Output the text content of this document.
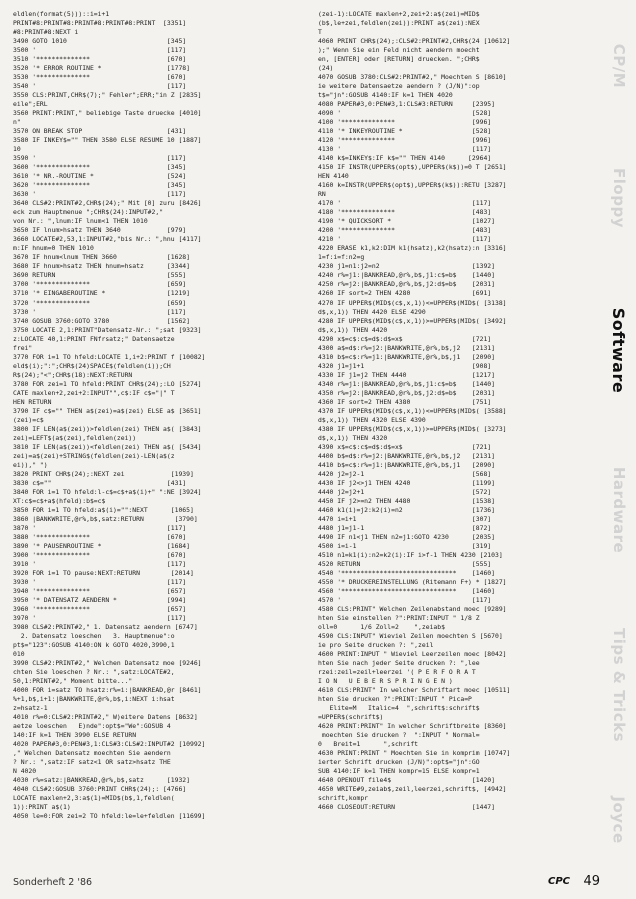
eldlen(format(5)))::i=i+1
PRINT#8:PRINT#8:PRINT#8:PRINT#8:PRINT  [3351]
#8:PRINT#8:NEXT i
3490 GOTO 1010                          [345]
3500 '                                  [117]
3510 '**************                    [670]
3520 '* ERROR ROUTINE *                 [1778]
3530 '**************                    [670]
3540 '                                  [117]
3550 CLS:PRINT,CHR$(7);" Fehler";ERR;"in Z [2835]
eile";ERL
3560 PRINT:PRINT," beliebige Taste druecke [4010]
n"
3570 ON BREAK STOP                      [431]
3580 IF INKEY$="" THEN 3580 ELSE RESUME 10 [1887]
10
3590 '                                  [117]
3600 '**************                    [345]
3610 '* NR.-ROUTINE *                   [524]
3620 '**************                    [345]
3630 '                                  [117]
3640 CLS#2:PRINT#2,CHR$(24);" Mit [0] zuru [8426]
eck zum Hauptmenue ";CHR$(24):INPUT#2,"
von Nr.: ",lnum:IF lnum<1 THEN 1010
3650 IF lnum>hsatz THEN 3640            [979]
3660 LOCATE#2,53,1:INPUT#2,"bis Nr.: ",hnu [4117]
m:IF hnum=0 THEN 1010
3670 IF hnum<lnum THEN 3660             [1628]
3680 IF hnum>hsatz THEN hnum=hsatz      [3344]
3690 RETURN                             [555]
3700 '**************                    [659]
3710 '* EINGABEROUTINE *                [1219]
3720 '**************                    [659]
3730 '                                  [117]
3740 GOSUB 3760:GOTO 3780               [1562]
3750 LOCATE 2,1:PRINT"Datensatz-Nr.: ";sat [9323]
z:LOCATE 40,1:PRINT FNfrsatz;" Datensaetze
frei"
3770 FOR i=1 TO hfeld:LOCATE 1,i+2:PRINT f [10082]
eld$(i);":";CHR$(24)SPACE$(feldlen(i));CH
R$(24);"<";CHR$(18):NEXT:RETURN
3780 FOR zei=1 TO hfeld:PRINT CHR$(24);:LO [5274]
CATE maxlen+2,zei+2:INPUT"",c$:IF c$="|" T
HEN RETURN
3790 IF c$="" THEN a$(zei)=a$(zei) ELSE a$ [3651]
(zei)=c$
3800 IF LEN(a$(zei))>feldlen(zei) THEN a$( [3843]
zei)=LEFT$(a$(zei),feldlen(zei))
3810 IF LEN(a$(zei))<feldlen(zei) THEN a$( [5434]
zei)=a$(zei)+STRING$(feldlen(zei)-LEN(a$(z
ei))," ")
3820 PRINT CHR$(24);:NEXT zei            [1939]
3830 c$=""                              [431]
3840 FOR i=1 TO hfeld:l-c$=c$+a$(i)+" ":NE [3924]
XT:c$=c$+a$(hfeld):b$=c$
3850 FOR i=1 TO hfeld:a$(i)="":NEXT      [1065]
3860 |BANKWRITE,@r%,b$,satz:RETURN        [3790]
3870 '                                  [117]
3880 '**************                    [670]
3890 '* PAUSENROUTINE *                 [1684]
3900 '**************                    [670]
3910 '                                  [117]
3920 FOR i=1 TO pause:NEXT:RETURN        [2014]
3930 '                                  [117]
3940 '**************                    [657]
3950 '* DATENSATZ AENDERN *             [994]
3960 '**************                    [657]
3970 '                                  [117]
3980 CLS#2:PRINT#2," 1. Datensatz aendern [6747]
2. Datensatz loeschen   3. Hauptmenue":o
pt$="123":GOSUB 4140:ON k GOTO 4020,3990,1
010
3990 CLS#2:PRINT#2," Welchen Datensatz moe [9246]
chten Sie loeschen ? Nr.: ",satz:LOCATE#2,
50,1:PRINT#2," Moment bitte..."
4000 FOR i=satz TO hsatz:r%=i:|BANKREAD,@r [8461]
%+1,b$,i+1:|BANKWRITE,@r%,b$,i:NEXT i:hsat
z=hsatz-1
4010 r%=0:CLS#2:PRINT#2," W)eitere Datens [8632]
aetze loeschen   E)nde":opt$="We":GOSUB 4
140:IF k=1 THEN 3990 ELSE RETURN
4020 PAPER#3,0:PEN#3,1:CLS#3:CLS#2:INPUT#2 [10992]
," Welchen Datensatz moechten Sie aendern
? Nr.: ",satz:IF satz<1 OR satz>hsatz THE
N 4020
4030 r%=satz:|BANKREAD,@r%,b$,satz      [1932]
4040 CLS#2:GOSUB 3760:PRINT CHR$(24);: [4766]
LOCATE maxlen+2,3:a$(1)=MID$(b$,1,feldlen(
1)):PRINT a$(1)
4050 le=0:FOR zei=2 TO hfeld:le=le+feldlen [11699]
(zei-1):LOCATE maxlen+2,zei+2:a$(zei)=MID$
(b$,le+zei,feldlen(zei)):PRINT a$(zei):NEX
T
4060 PRINT CHR$(24);:CLS#2:PRINT#2,CHR$(24 [10612]
);" Wenn Sie ein Feld nicht aendern moecht
en, [ENTER] oder [RETURN] druecken. ";CHR$
(24)
4070 GOSUB 3780:CLS#2:PRINT#2," Moechten S [8610]
ie weitere Datensaetze aendern ? (J/N)":op
t$="jn":GOSUB 4140:IF k=1 THEN 4020
4080 PAPER#3,0:PEN#3,1:CLS#3:RETURN     [2395]
4090 '                                  [528]
4100 '**************                    [996]
4110 '* INKEYROUTINE *                  [528]
4120 '**************                    [996]
4130 '                                  [117]
4140 k$=INKEY$:IF k$="" THEN 4140      [2964]
4150 IF INSTR(UPPER$(opt$),UPPER$(k$))=0 T [2651]
HEN 4140
4160 k=INSTR(UPPER$(opt$),UPPER$(k$)):RETU [3287]
RN
4170 '                                  [117]
4180 '**************                    [483]
4190 '* QUICKSORT *                     [1027]
4200 '**************                    [483]
4210 '                                  [117]
4220 ERASE k1,k2:DIM k1(hsatz),k2(hsatz):n [3316]
1=f:i=f:n2=g
4230 j1=n1:j2=n2                        [1392]
4240 r%=j1:|BANKREAD,@r%,b$,j1:c$=b$    [1440]
4250 r%=j2:|BANKREAD,@r%,b$,j2:d$=b$    [2031]
4260 IF sort=2 THEN 4280                [691]
4270 IF UPPER$(MID$(c$,x,1))<=UPPER$(MID$( [3138]
d$,x,1)) THEN 4420 ELSE 4290
4280 IF UPPER$(MID$(c$,x,1))>=UPPER$(MID$( [3492]
d$,x,1)) THEN 4420
4290 x$=c$:c$=d$:d$=x$                  [721]
4300 a$=d$:r%=j2:|BANKWRITE,@r%,b$,j2   [2131]
4310 b$=c$:r%=j1:|BANKWRITE,@r%,b$,j1   [2090]
4320 j1=j1+1                            [908]
4330 IF j1=j2 THEN 4440                 [1217]
4340 r%=j1:|BANKREAD,@r%,b$,j1:c$=b$    [1440]
4350 r%=j2:|BANKREAD,@r%,b$,j2:d$=b$    [2031]
4360 IF sort=2 THEN 4380                [751]
4370 IF UPPER$(MID$(c$,x,1))<=UPPER$(MID$( [3588]
d$,x,1)) THEN 4320 ELSE 4390
4380 IF UPPER$(MID$(c$,x,1))>=UPPER$(MID$( [3273]
d$,x,1)) THEN 4320
4390 x$=c$:c$=d$:d$=x$                  [721]
4400 b$=d$:r%=j2:|BANKWRITE,@r%,b$,j2   [2131]
4410 b$=c$:r%=j1:|BANKWRITE,@r%,b$,j1   [2090]
4420 j2=j2-1                            [568]
4430 IF j2<>j1 THEN 4240                [1199]
4440 j2=j2+1                            [572]
4450 IF j2>=n2 THEN 4480                [1538]
4460 k1(i)=j2:k2(i)=n2                  [1736]
4470 i=i+1                              [307]
4480 j1=j1-1                            [872]
4490 IF n1<j1 THEN n2=j1:GOTO 4230      [2035]
4500 i=i-1                              [319]
4510 n1=k1(i):n2=k2(i):IF i>f-1 THEN 4230 [2103]
4520 RETURN                             [555]
4540 '******************************    [1460]
4550 '* DRUCKEREINSTELLUNG (Ritemann F+) * [1827]
4560 '******************************    [1460]
4570 '                                  [117]
4580 CLS:PRINT" Welchen Zeilenabstand moec [9289]
hten Sie einstellen ?":PRINT:INPUT " 1/8 Z
oll=0      1/6 Zoll=2    ",zeiab$
4590 CLS:INPUT" Wieviel Zeilen moechten S [5670]
ie pro Seite drucken ?: ",zeil
4600 PRINT:INPUT " Wieviel Leerzeilen moec [8042]
hten Sie nach jeder Seite drucken ?: ",lee
rzei:zeil=zeil+leerzei '( P E R F O R A T
I O N   U E B E R S P R I N G E N )
4610 CLS:PRINT" In welcher Schriftart moec [10511]
hten Sie drucken ?":PRINT:INPUT " Pica=P
Elite=M   Italic=4  ",schrift$:schrift$
=UPPER$(schrift$)
4620 PRINT:PRINT" In welcher Schriftbreite [8360]
moechten Sie drucken ?  ":INPUT " Normal=
0   Breit=1      ",schrift
4630 PRINT:PRINT " Moechten Sie in komprim [10747]
ierter Schrift drucken (J/N)":opt$="jn":GO
SUB 4140:IF k=1 THEN kompr=15 ELSE kompr=1
4640 OPENOUT file4$                     [1420]
4650 WRITE#9,zeiab$,zeil,leerzei,schrift$, [4942]
schrift,kompr
4660 CLOSEOUT:RETURN                    [1447]
CP/M
Floppy
Software
Hardware
Tips & Tricks
Joyce
Sonderheft 2 '86	CPC 49
